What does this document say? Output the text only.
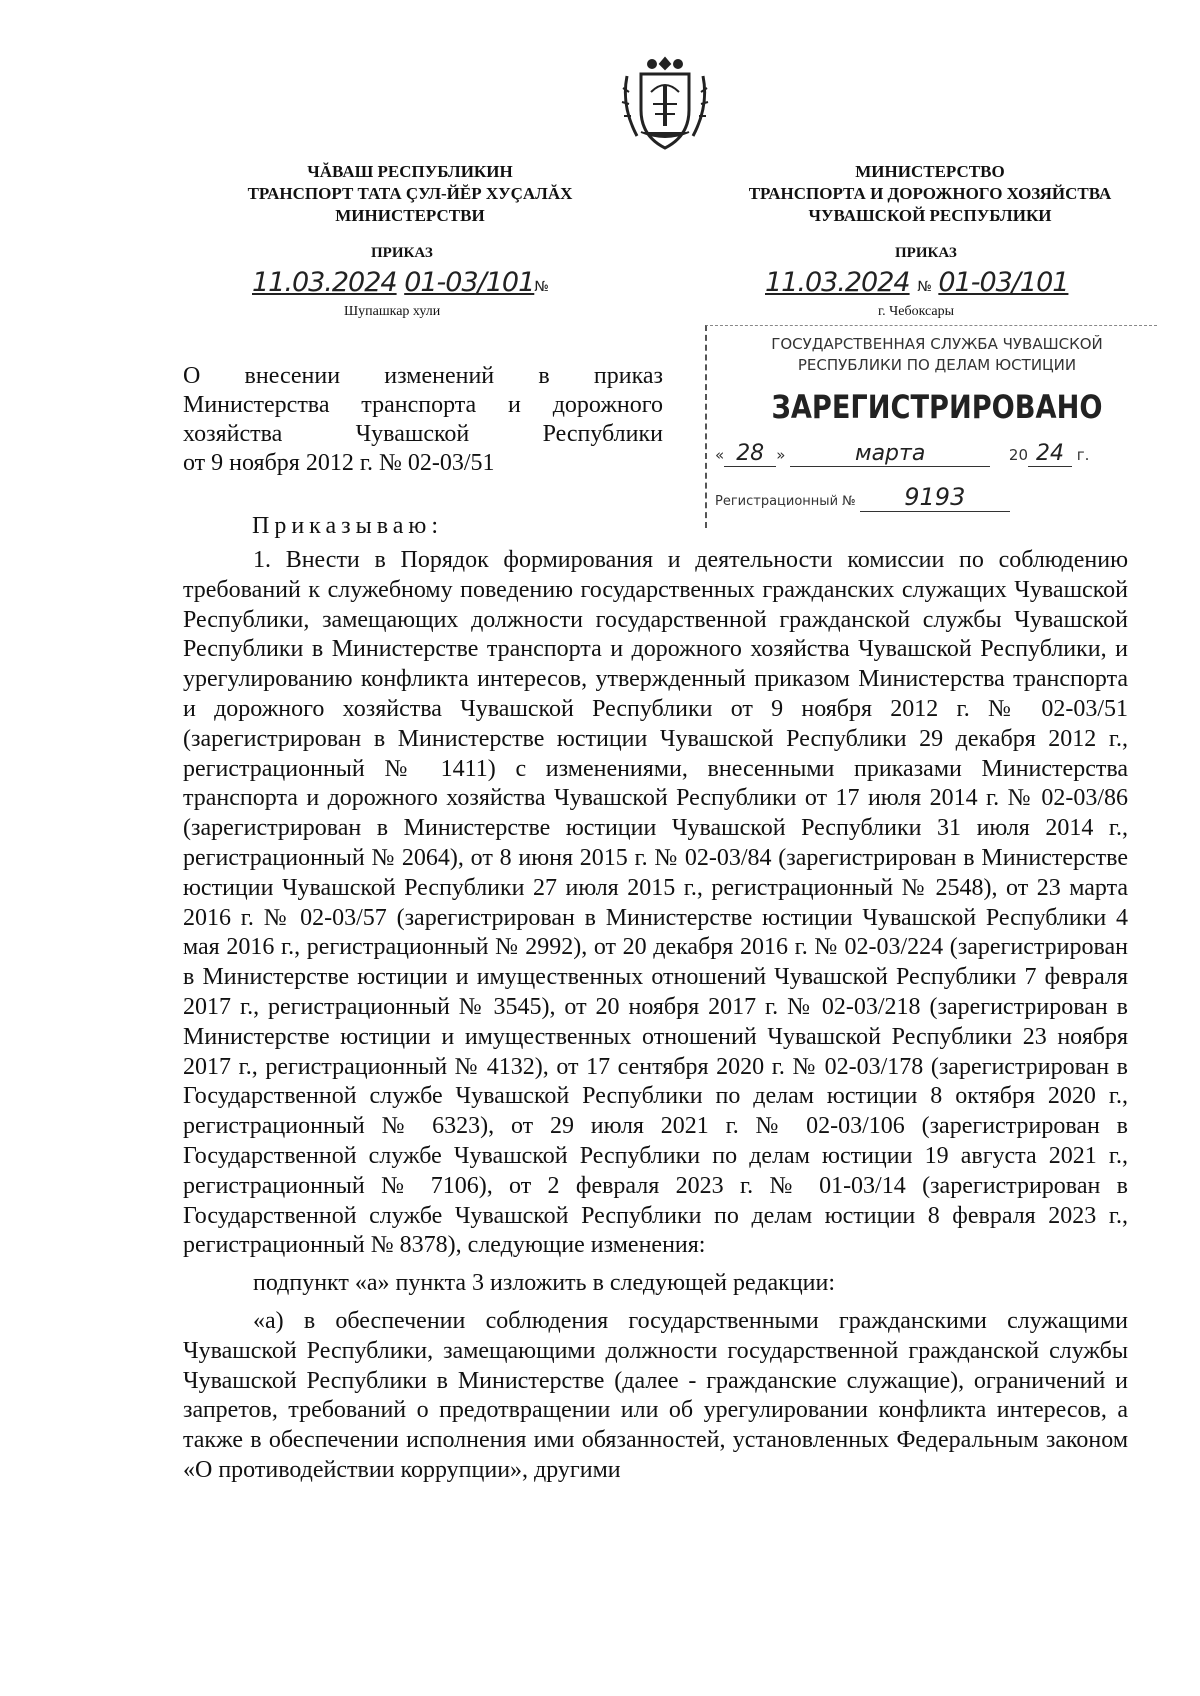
ЧĂВАШ РЕСПУБЛИКИН
ТРАНСПОРТ ТАТА ÇУЛ-ЙĔР ХУÇАЛĂХ
МИНИСТЕРСТВИ
МИНИСТЕРСТВО
ТРАНСПОРТА И ДОРОЖНОГО ХОЗЯЙСТВА
ЧУВАШСКОЙ РЕСПУБЛИКИ
ПРИКАЗ	ПРИКАЗ
11.03.2024 01-03/101№
Шупашкар хули
11.03.2024 № 01-03/101
г. Чебоксары
О внесении изменений в приказ
Министерства транспорта и дорожного
хозяйства Чувашской Республики
от 9 ноября 2012 г. № 02-03/51
ГОСУДАРСТВЕННАЯ СЛУЖБА ЧУВАШСКОЙ
РЕСПУБЛИКИ ПО ДЕЛАМ ЮСТИЦИИ
ЗАРЕГИСТРИРОВАНО
« 28 »	марта	20 24 г.
Регистрационный № 9193
Приказываю:

1. Внести в Порядок формирования и деятельности комиссии по соблюдению требований к служебному поведению государственных гражданских служащих Чувашской Республики, замещающих должности государственной гражданской службы Чувашской Республики в Министерстве транспорта и дорожного хозяйства Чувашской Республики, и урегулированию конфликта интересов, утвержденный приказом Министерства транспорта и дорожного хозяйства Чувашской Республики от 9 ноября 2012 г. № 02-03/51 (зарегистрирован в Министерстве юстиции Чувашской Республики 29 декабря 2012 г., регистрационный № 1411) с изменениями, внесенными приказами Министерства транспорта и дорожного хозяйства Чувашской Республики от 17 июля 2014 г. № 02-03/86 (зарегистрирован в Министерстве юстиции Чувашской Республики 31 июля 2014 г., регистрационный № 2064), от 8 июня 2015 г. № 02-03/84 (зарегистрирован в Министерстве юстиции Чувашской Республики 27 июля 2015 г., регистрационный № 2548), от 23 марта 2016 г. № 02-03/57 (зарегистрирован в Министерстве юстиции Чувашской Республики 4 мая 2016 г., регистрационный № 2992), от 20 декабря 2016 г. № 02-03/224 (зарегистрирован в Министерстве юстиции и имущественных отношений Чувашской Республики 7 февраля 2017 г., регистрационный № 3545), от 20 ноября 2017 г. № 02-03/218 (зарегистрирован в Министерстве юстиции и имущественных отношений Чувашской Республики 23 ноября 2017 г., регистрационный № 4132), от 17 сентября 2020 г. № 02-03/178 (зарегистрирован в Государственной службе Чувашской Республики по делам юстиции 8 октября 2020 г., регистрационный № 6323), от 29 июля 2021 г. № 02-03/106 (зарегистрирован в Государственной службе Чувашской Республики по делам юстиции 19 августа 2021 г., регистрационный № 7106), от 2 февраля 2023 г. № 01-03/14 (зарегистрирован в Государственной службе Чувашской Республики по делам юстиции 8 февраля 2023 г., регистрационный № 8378), следующие изменения:

подпункт «а» пункта 3 изложить в следующей редакции:

«а) в обеспечении соблюдения государственными гражданскими служащими Чувашской Республики, замещающими должности государственной гражданской службы Чувашской Республики в Министерстве (далее - гражданские служащие), ограничений и запретов, требований о предотвращении или об урегулировании конфликта интересов, а также в обеспечении исполнения ими обязанностей, установленных Федеральным законом «О противодействии коррупции», другими
